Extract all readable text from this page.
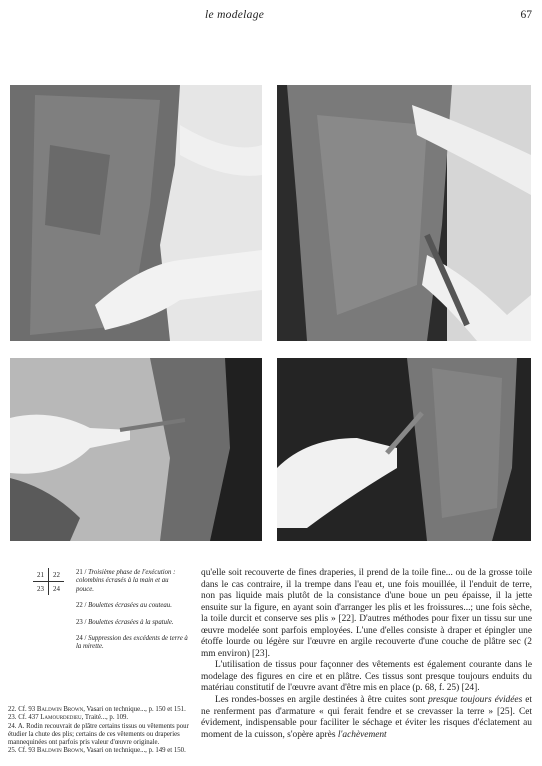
le modelage	67
21	22
23	24

21 / Troisième phase de l'exécution : colombins écrasés à la main et au pouce.

22 / Boulettes écrasées au couteau.

23 / Boulettes écrasées à la spatule.

24 / Suppression des excédents de terre à la mirette.

22. Cf. 93 Baldwin Brown, Vasari on technique..., p. 150 et 151.

23. Cf. 437 Lamourdedieu, Traité..., p. 109.

24. A. Rodin recouvrait de plâtre certains tissus ou vêtements pour étudier la chute des plis; certains de ces vêtements ou draperies mannequinées ont parfois pris valeur d'œuvre originale.

25. Cf. 93 Baldwin Brown, Vasari on technique..., p. 149 et 150.

qu'elle soit recouverte de fines draperies, il prend de la toile fine... ou de la grosse toile dans le cas contraire, il la trempe dans l'eau et, une fois mouillée, il l'enduit de terre, non pas liquide mais plutôt de la consistance d'une boue un peu épaisse, il la jette ensuite sur la figure, en ayant soin d'arranger les plis et les froissures...; une fois sèche, la toile durcit et conserve ses plis » [22]. D'autres méthodes pour fixer un tissu sur une œuvre modelée sont parfois employées. L'une d'elles consiste à draper et épingler une étoffe lourde ou légère sur l'œuvre en argile recouverte d'une couche de plâtre sec (2 mm environ) [23].

L'utilisation de tissus pour façonner des vêtements est également courante dans le modelage des figures en cire et en plâtre. Ces tissus sont presque toujours enduits du matériau constitutif de l'œuvre avant d'être mis en place (p. 68, f. 25) [24].

Les rondes-bosses en argile destinées à être cuites sont presque toujours évidées et ne renferment pas d'armature « qui ferait fendre et se crevasser la terre » [25]. Cet évidement, indispensable pour faciliter le séchage et éviter les risques d'éclatement au moment de la cuisson, s'opère après l'achèvement
